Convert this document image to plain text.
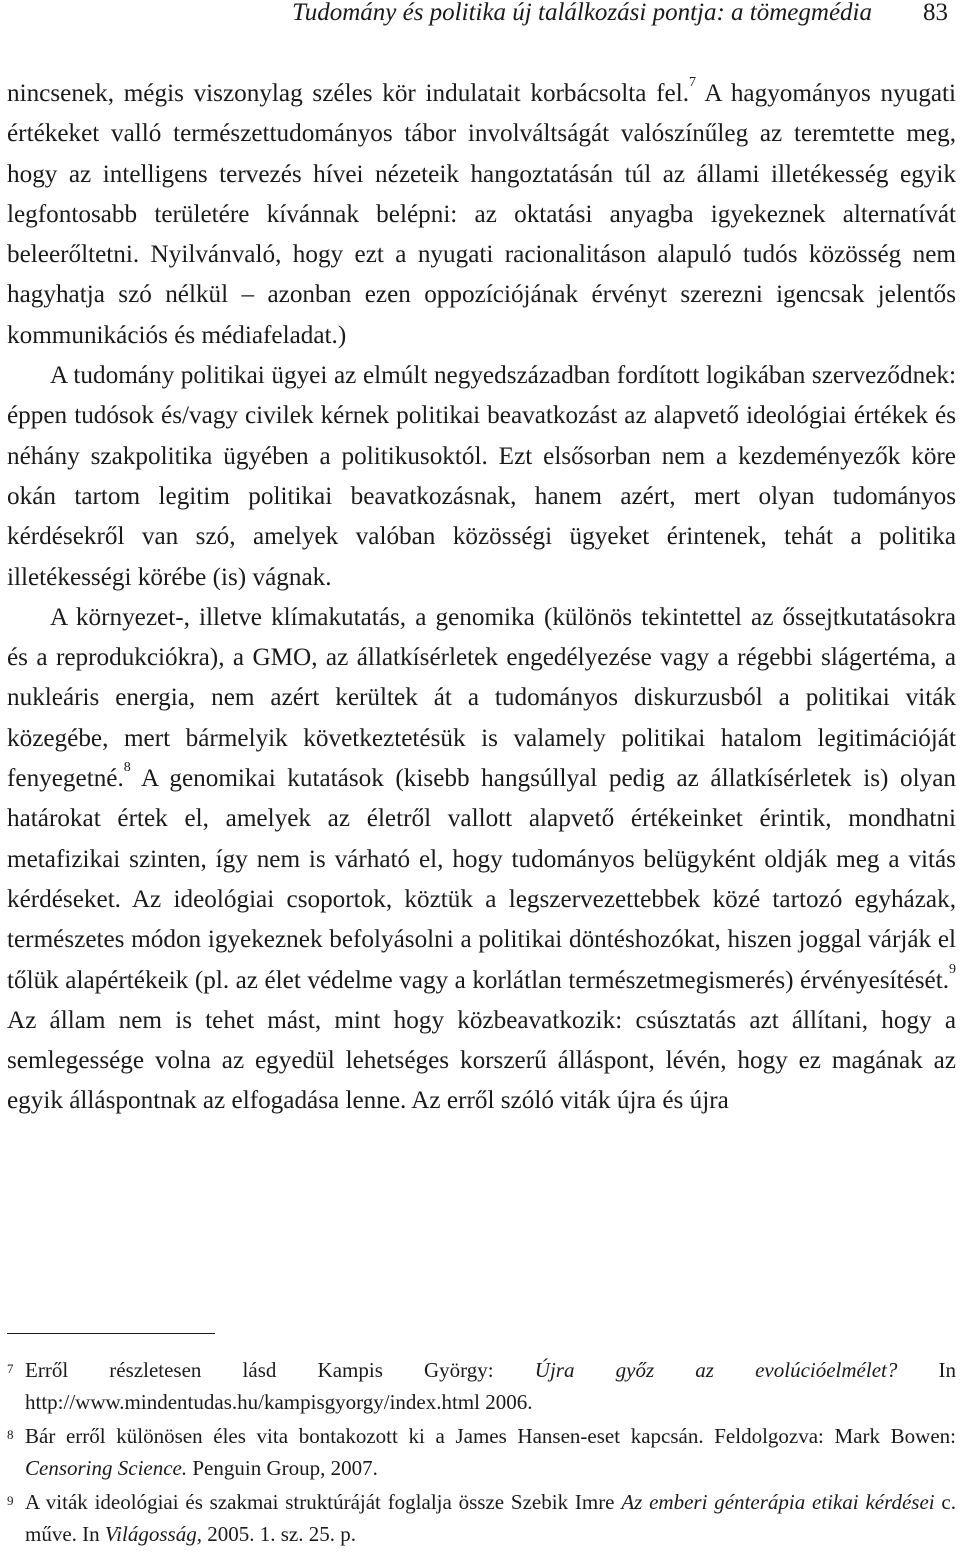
Tudomány és politika új találkozási pontja: a tömegmédia 83

nincsenek, mégis viszonylag széles kör indulatait korbácsolta fel.$^7$ A hagyományos nyugati értékeket valló természettudományos tábor involváltságát valószínűleg az teremtette meg, hogy az intelligens tervezés hívei nézeteik hangoztatásán túl az állami illetékesség egyik legfontosabb területére kívánnak belépni: az oktatási anyagba igyekeznek alternatívát beleerőltetni. Nyilvánvaló, hogy ezt a nyugati racionalitáson alapuló tudós közösség nem hagyhatja szó nélkül – azonban ezen oppozíciójának érvényt szerezni igencsak jelentős kommunikációs és médiafeladat.)

A tudomány politikai ügyei az elmúlt negyedszázadban fordított logikában szerveződnek: éppen tudósok és/vagy civilek kérnek politikai beavatkozást az alapvető ideológiai értékek és néhány szakpolitika ügyében a politikusoktól. Ezt elsősorban nem a kezdeményezők köre okán tartom legitim politikai beavatkozásnak, hanem azért, mert olyan tudományos kérdésekről van szó, amelyek valóban közösségi ügyeket érintenek, tehát a politika illetékességi körébe (is) vágnak.

A környezet-, illetve klímakutatás, a genomika (különös tekintettel az őssejtkutatásokra és a reprodukciókra), a GMO, az állatkísérletek engedélyezése vagy a régebbi slágertéma, a nukleáris energia, nem azért kerültek át a tudományos diskurzusból a politikai viták közegébe, mert bármelyik következtetésük is valamely politikai hatalom legitimációját fenyegetné.$^8$ A genomikai kutatások (kisebb hangsúllyal pedig az állatkísérletek is) olyan határokat értek el, amelyek az életről vallott alapvető értékeinket érintik, mondhatni metafizikai szinten, így nem is várható el, hogy tudományos belügyként oldják meg a vitás kérdéseket. Az ideológiai csoportok, köztük a legszervezettebbek közé tartozó egyházak, természetes módon igyekeznek befolyásolni a politikai döntéshozókat, hiszen joggal várják el tőlük alapértékeik (pl. az élet védelme vagy a korlátlan természetmegismerés) érvényesítését.$^9$ Az állam nem is tehet mást, mint hogy közbeavatkozik: csúsztatás azt állítani, hogy a semlegessége volna az egyedül lehetséges korszerű álláspont, lévén, hogy ez magának az egyik álláspontnak az elfogadása lenne. Az erről szóló viták újra és újra

7 Erről részletesen lásd Kampis György: Újra győz az evolúcióelmélet? In http://www.mindentudas.hu/kampisgyorgy/index.html 2006.
8 Bár erről különösen éles vita bontakozott ki a James Hansen-eset kapcsán. Feldolgozva: Mark Bowen: Censoring Science. Penguin Group, 2007.
9 A viták ideológiai és szakmai struktúráját foglalja össze Szebik Imre Az emberi génterápia etikai kérdései c. műve. In Világosság, 2005. 1. sz. 25. p.
